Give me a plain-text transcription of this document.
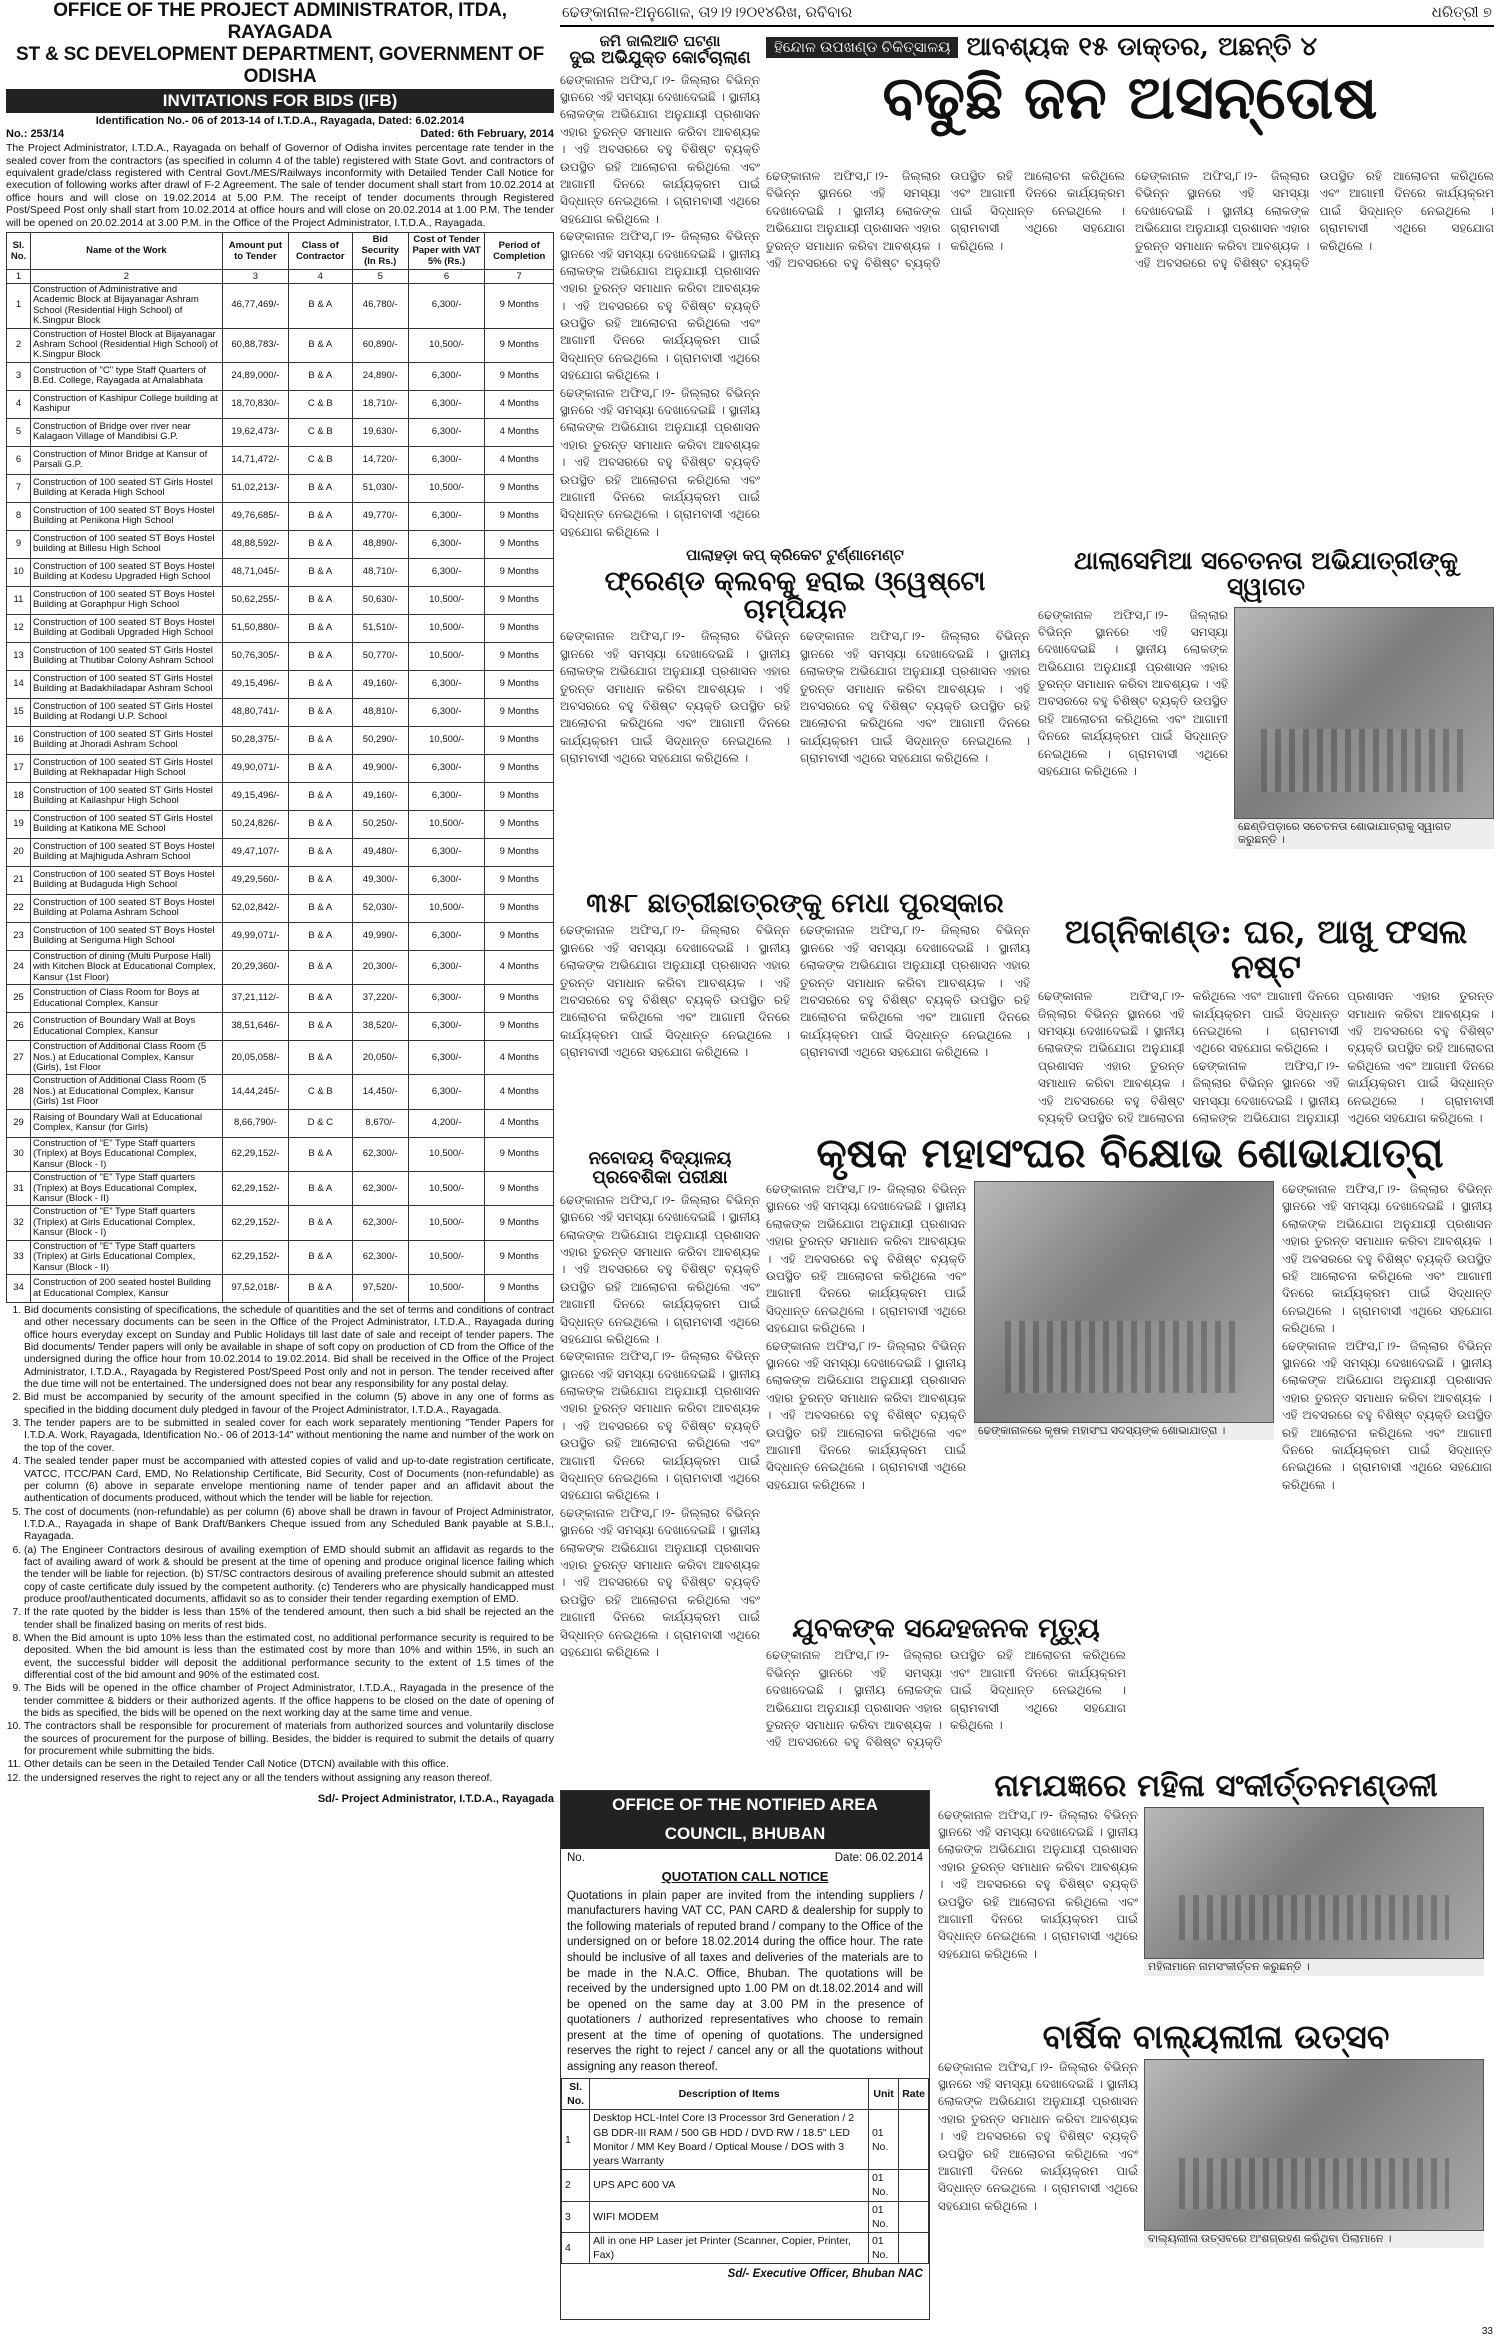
OFFICE OF THE PROJECT ADMINISTRATOR, ITDA, RAYAGADA
ST & SC DEVELOPMENT DEPARTMENT, GOVERNMENT OF ODISHA
INVITATIONS FOR BIDS (IFB)
Identification No.- 06 of 2013-14 of I.T.D.A., Rayagada, Dated: 6.02.2014
No.: 253/14	Dated: 6th February, 2014
The Project Administrator, I.T.D.A., Rayagada on behalf of Governor of Odisha invites percentage rate tender in the sealed cover from the contractors (as specified in column 4 of the table) registered with State Govt. and contractors of equivalent grade/class registered with Central Govt./MES/Railways inconformity with Detailed Tender Call Notice for execution of following works after drawl of F-2 Agreement. The sale of tender document shall start from 10.02.2014 at office hours and will close on 19.02.2014 at 5.00 P.M. The receipt of tender documents through Registered Post/Speed Post only shall start from 10.02.2014 at office hours and will close on 20.02.2014 at 1.00 P.M. The tender will be opened on 20.02.2014 at 3.00 P.M. in the Office of the Project Administrator, I.T.D.A., Rayagada.
Sl. No.	Name of the Work	Amount put to Tender	Class of Contractor	Bid Security (In Rs.)	Cost of Tender Paper with VAT 5% (Rs.)	Period of Completion
1	2	3	4	5	6	7
1	Construction of Administrative and Academic Block at Bijayanagar Ashram School (Residential High School) of K.Singpur Block	46,77,469/-	B & A	46,780/-	6,300/-	9 Months
2	Construction of Hostel Block at Bijayanagar Ashram School (Residential High School) of K.Singpur Block	60,88,783/-	B & A	60,890/-	10,500/-	9 Months
3	Construction of "C" type Staff Quarters of B.Ed. College, Rayagada at Amalabhata	24,89,000/-	B & A	24,890/-	6,300/-	9 Months
4	Construction of Kashipur College building at Kashipur	18,70,830/-	C & B	18,710/-	6,300/-	4 Months
5	Construction of Bridge over river near Kalagaon Village of Mandibisi G.P.	19,62,473/-	C & B	19,630/-	6,300/-	4 Months
6	Construction of Minor Bridge at Kansur of Parsali G.P.	14,71,472/-	C & B	14,720/-	6,300/-	4 Months
7	Construction of 100 seated ST Girls Hostel Building at Kerada High School	51,02,213/-	B & A	51,030/-	10,500/-	9 Months
8	Construction of 100 seated ST Boys Hostel Building at Penikona High School	49,76,685/-	B & A	49,770/-	6,300/-	9 Months
9	Construction of 100 seated ST Boys Hostel building at Billesu High School	48,88,592/-	B & A	48,890/-	6,300/-	9 Months
10	Construction of 100 seated ST Boys Hostel Building at Kodesu Upgraded High School	48,71,045/-	B & A	48,710/-	6,300/-	9 Months
11	Construction of 100 seated ST Boys Hostel Building at Goraphpur High School	50,62,255/-	B & A	50,630/-	10,500/-	9 Months
12	Construction of 100 seated ST Boys Hostel Building at Godibali Upgraded High School	51,50,880/-	B & A	51,510/-	10,500/-	9 Months
13	Construction of 100 seated ST Girls Hostel Building at Thutibar Colony Ashram School	50,76,305/-	B & A	50,770/-	10,500/-	9 Months
14	Construction of 100 seated ST Girls Hostel Building at Badakhiladapar Ashram School	49,15,496/-	B & A	49,160/-	6,300/-	9 Months
15	Construction of 100 seated ST Girls Hostel Building at Rodangi U.P. School	48,80,741/-	B & A	48,810/-	6,300/-	9 Months
16	Construction of 100 seated ST Girls Hostel Building at Jhoradi Ashram School	50,28,375/-	B & A	50,290/-	10,500/-	9 Months
17	Construction of 100 seated ST Girls Hostel Building at Rekhapadar High School	49,90,071/-	B & A	49,900/-	6,300/-	9 Months
18	Construction of 100 seated ST Girls Hostel Building at Kailashpur High School	49,15,496/-	B & A	49,160/-	6,300/-	9 Months
19	Construction of 100 seated ST Girls Hostel Building at Katikona ME School	50,24,826/-	B & A	50,250/-	10,500/-	9 Months
20	Construction of 100 seated ST Boys Hostel Building at Majhiguda Ashram School	49,47,107/-	B & A	49,480/-	6,300/-	9 Months
21	Construction of 100 seated ST Boys Hostel Building at Budaguda High School	49,29,560/-	B & A	49,300/-	6,300/-	9 Months
22	Construction of 100 seated ST Boys Hostel Building at Polama Ashram School	52,02,842/-	B & A	52,030/-	10,500/-	9 Months
23	Construction of 100 seated ST Boys Hostel Building at Seriguma High School	49,99,071/-	B & A	49,990/-	6,300/-	9 Months
24	Construction of dining (Multi Purpose Hall) with Kitchen Block at Educational Complex, Kansur (1st Floor)	20,29,360/-	B & A	20,300/-	6,300/-	4 Months
25	Construction of Class Room for Boys at Educational Complex, Kansur	37,21,112/-	B & A	37,220/-	6,300/-	9 Months
26	Construction of Boundary Wall at Boys Educational Complex, Kansur	38,51,646/-	B & A	38,520/-	6,300/-	9 Months
27	Construction of Additional Class Room (5 Nos.) at Educational Complex, Kansur (Girls), 1st Floor	20,05,058/-	B & A	20,050/-	6,300/-	4 Months
28	Construction of Additional Class Room (5 Nos.) at Educational Complex, Kansur (Girls) 1st Floor	14,44,245/-	C & B	14,450/-	6,300/-	4 Months
29	Raising of Boundary Wall at Educational Complex, Kansur (for Girls)	8,66,790/-	D & C	8,670/-	4,200/-	4 Months
30	Construction of "E" Type Staff quarters (Triplex) at Boys Educational Complex, Kansur (Block - I)	62,29,152/-	B & A	62,300/-	10,500/-	9 Months
31	Construction of "E" Type Staff quarters (Triplex) at Boys Educational Complex, Kansur (Block - II)	62,29,152/-	B & A	62,300/-	10,500/-	9 Months
32	Construction of "E" Type Staff quarters (Triplex) at Girls Educational Complex, Kansur (Block - I)	62,29,152/-	B & A	62,300/-	10,500/-	9 Months
33	Construction of "E" Type Staff quarters (Triplex) at Girls Educational Complex, Kansur (Block - II)	62,29,152/-	B & A	62,300/-	10,500/-	9 Months
34	Construction of 200 seated hostel Building at Educational Complex, Kansur	97,52,018/-	B & A	97,520/-	10,500/-	9 Months
1. Bid documents consisting of specifications, the schedule of quantities and the set of terms and conditions of contract and other necessary documents can be seen in the Office of the Project Administrator, I.T.D.A., Rayagada during office hours everyday except on Sunday and Public Holidays till last date of sale and receipt of tender papers. The Bid documents/ Tender papers will only be available in shape of soft copy on production of CD from the Office of the undersigned during the office hour from 10.02.2014 to 19.02.2014. Bid shall be received in the Office of the Project Administrator, I.T.D.A., Rayagada by Registered Post/Speed Post only and not in person. The tender received after the due time will not be entertained. The undersigned does not bear any responsibility for any postal delay.
2. Bid must be accompanied by security of the amount specified in the column (5) above in any one of forms as specified in the bidding document duly pledged in favour of the Project Administrator, I.T.D.A., Rayagada.
3. The tender papers are to be submitted in sealed cover for each work separately mentioning "Tender Papers for I.T.D.A. Work, Rayagada, Identification No.- 06 of 2013-14" without mentioning the name and number of the work on the top of the cover.
4. The sealed tender paper must be accompanied with attested copies of valid and up-to-date registration certificate, VATCC, ITCC/PAN Card, EMD, No Relationship Certificate, Bid Security, Cost of Documents (non-refundable) as per column (6) above in separate envelope mentioning name of tender paper and an affidavit about the authentication of documents produced, without which the tender will be liable for rejection.
5. The cost of documents (non-refundable) as per column (6) above shall be drawn in favour of Project Administrator, I.T.D.A., Rayagada in shape of Bank Draft/Bankers Cheque issued from any Scheduled Bank payable at S.B.I., Rayagada.
6. (a) The Engineer Contractors desirous of availing exemption of EMD should submit an affidavit as regards to the fact of availing award of work & should be present at the time of opening and produce original licence failing which the tender will be liable for rejection. (b) ST/SC contractors desirous of availing preference should submit an attested copy of caste certificate duly issued by the competent authority. (c) Tenderers who are physically handicapped must produce proof/authenticated documents, affidavit so as to consider their tender regarding exemption of EMD.
7. If the rate quoted by the bidder is less than 15% of the tendered amount, then such a bid shall be rejected an the tender shall be finalized basing on merits of rest bids.
8. When the Bid amount is upto 10% less than the estimated cost, no additional performance security is required to be deposited. When the bid amount is less than the estimated cost by more than 10% and within 15%, in such an event, the successful bidder will deposit the additional performance security to the extent of 1.5 times of the differential cost of the bid amount and 90% of the estimated cost.
9. The Bids will be opened in the office chamber of Project Administrator, I.T.D.A., Rayagada in the presence of the tender committee & bidders or their authorized agents. If the office happens to be closed on the date of opening of the bids as specified, the bids will be opened on the next working day at the same time and venue.
10. The contractors shall be responsible for procurement of materials from authorized sources and voluntarily disclose the sources of procurement for the purpose of billing. Besides, the bidder is required to submit the details of quarry for procurement while submitting the bids.
11. Other details can be seen in the Detailed Tender Call Notice (DTCN) available with this office.
12. the undersigned reserves the right to reject any or all the tenders without assigning any reason thereof.
Sd/- Project Administrator, I.T.D.A., Rayagada
ଢେଙ୍କାନାଳ-ଅନୁଗୋଳ, ତା୨।୨।୨୦୧୪ରିଖ, ରବିବାର	ଧରିତ୍ରୀ ୭
ଜମି ଜାଲିଆତି ଘଟଣା
ଦୁଇ ଅଭିଯୁକ୍ତ କୋର୍ଟଚାଲାଣ
ଢେଙ୍କାନାଳ ଅଫିସ,୮।୨- ଜିଲ୍ଲାର ବିଭିନ୍ନ ସ୍ଥାନରେ ଏହି ସମସ୍ୟା ଦେଖାଦେଇଛି । ସ୍ଥାନୀୟ ଲୋକଙ୍କ ଅଭିଯୋଗ ଅନୁଯାୟୀ ପ୍ରଶାସନ ଏହାର ତୁରନ୍ତ ସମାଧାନ କରିବା ଆବଶ୍ୟକ । ଏହି ଅବସରରେ ବହୁ ବିଶିଷ୍ଟ ବ୍ୟକ୍ତି ଉପସ୍ଥିତ ରହି ଆଲୋଚନା କରିଥିଲେ ଏବଂ ଆଗାମୀ ଦିନରେ କାର୍ଯ୍ୟକ୍ରମ ପାଇଁ ସିଦ୍ଧାନ୍ତ ନେଇଥିଲେ । ଗ୍ରାମବାସୀ ଏଥିରେ ସହଯୋଗ କରିଥିଲେ ।
ଢେଙ୍କାନାଳ ଅଫିସ,୮।୨- ଜିଲ୍ଲାର ବିଭିନ୍ନ ସ୍ଥାନରେ ଏହି ସମସ୍ୟା ଦେଖାଦେଇଛି । ସ୍ଥାନୀୟ ଲୋକଙ୍କ ଅଭିଯୋଗ ଅନୁଯାୟୀ ପ୍ରଶାସନ ଏହାର ତୁରନ୍ତ ସମାଧାନ କରିବା ଆବଶ୍ୟକ । ଏହି ଅବସରରେ ବହୁ ବିଶିଷ୍ଟ ବ୍ୟକ୍ତି ଉପସ୍ଥିତ ରହି ଆଲୋଚନା କରିଥିଲେ ଏବଂ ଆଗାମୀ ଦିନରେ କାର୍ଯ୍ୟକ୍ରମ ପାଇଁ ସିଦ୍ଧାନ୍ତ ନେଇଥିଲେ । ଗ୍ରାମବାସୀ ଏଥିରେ ସହଯୋଗ କରିଥିଲେ ।
ଢେଙ୍କାନାଳ ଅଫିସ,୮।୨- ଜିଲ୍ଲାର ବିଭିନ୍ନ ସ୍ଥାନରେ ଏହି ସମସ୍ୟା ଦେଖାଦେଇଛି । ସ୍ଥାନୀୟ ଲୋକଙ୍କ ଅଭିଯୋଗ ଅନୁଯାୟୀ ପ୍ରଶାସନ ଏହାର ତୁରନ୍ତ ସମାଧାନ କରିବା ଆବଶ୍ୟକ । ଏହି ଅବସରରେ ବହୁ ବିଶିଷ୍ଟ ବ୍ୟକ୍ତି ଉପସ୍ଥିତ ରହି ଆଲୋଚନା କରିଥିଲେ ଏବଂ ଆଗାମୀ ଦିନରେ କାର୍ଯ୍ୟକ୍ରମ ପାଇଁ ସିଦ୍ଧାନ୍ତ ନେଇଥିଲେ । ଗ୍ରାମବାସୀ ଏଥିରେ ସହଯୋଗ କରିଥିଲେ ।
ହିନ୍ଦୋଳ ଉପଖଣ୍ଡ ଚିକିତ୍ସାଳୟ ଆବଶ୍ୟକ ୧୫ ଡାକ୍ତର, ଅଛନ୍ତି ୪
ବଢୁଛି ଜନ ଅସନ୍ତୋଷ
ଢେଙ୍କାନାଳ ଅଫିସ,୮।୨- ଜିଲ୍ଲାର ବିଭିନ୍ନ ସ୍ଥାନରେ ଏହି ସମସ୍ୟା ଦେଖାଦେଇଛି । ସ୍ଥାନୀୟ ଲୋକଙ୍କ ଅଭିଯୋଗ ଅନୁଯାୟୀ ପ୍ରଶାସନ ଏହାର ତୁରନ୍ତ ସମାଧାନ କରିବା ଆବଶ୍ୟକ । ଏହି ଅବସରରେ ବହୁ ବିଶିଷ୍ଟ ବ୍ୟକ୍ତି ଉପସ୍ଥିତ ରହି ଆଲୋଚନା କରିଥିଲେ ଏବଂ ଆଗାମୀ ଦିନରେ କାର୍ଯ୍ୟକ୍ରମ ପାଇଁ ସିଦ୍ଧାନ୍ତ ନେଇଥିଲେ । ଗ୍ରାମବାସୀ ଏଥିରେ ସହଯୋଗ କରିଥିଲେ ।
ଢେଙ୍କାନାଳ ଅଫିସ,୮।୨- ଜିଲ୍ଲାର ବିଭିନ୍ନ ସ୍ଥାନରେ ଏହି ସମସ୍ୟା ଦେଖାଦେଇଛି । ସ୍ଥାନୀୟ ଲୋକଙ୍କ ଅଭିଯୋଗ ଅନୁଯାୟୀ ପ୍ରଶାସନ ଏହାର ତୁରନ୍ତ ସମାଧାନ କରିବା ଆବଶ୍ୟକ । ଏହି ଅବସରରେ ବହୁ ବିଶିଷ୍ଟ ବ୍ୟକ୍ତି ଉପସ୍ଥିତ ରହି ଆଲୋଚନା କରିଥିଲେ ଏବଂ ଆଗାମୀ ଦିନରେ କାର୍ଯ୍ୟକ୍ରମ ପାଇଁ ସିଦ୍ଧାନ୍ତ ନେଇଥିଲେ । ଗ୍ରାମବାସୀ ଏଥିରେ ସହଯୋଗ କରିଥିଲେ ।
ପାଲାହଡ଼ା କପ୍ କ୍ରିକେଟ ଟୁର୍ଣ୍ଣାମେଣ୍ଟ
ଫ୍ରେଣ୍ଡ କ୍ଲବକୁ ହରାଇ ଓ୍ୱେଷ୍ଟୋ ଚାମ୍ପିୟନ
ଢେଙ୍କାନାଳ ଅଫିସ,୮।୨- ଜିଲ୍ଲାର ବିଭିନ୍ନ ସ୍ଥାନରେ ଏହି ସମସ୍ୟା ଦେଖାଦେଇଛି । ସ୍ଥାନୀୟ ଲୋକଙ୍କ ଅଭିଯୋଗ ଅନୁଯାୟୀ ପ୍ରଶାସନ ଏହାର ତୁରନ୍ତ ସମାଧାନ କରିବା ଆବଶ୍ୟକ । ଏହି ଅବସରରେ ବହୁ ବିଶିଷ୍ଟ ବ୍ୟକ୍ତି ଉପସ୍ଥିତ ରହି ଆଲୋଚନା କରିଥିଲେ ଏବଂ ଆଗାମୀ ଦିନରେ କାର୍ଯ୍ୟକ୍ରମ ପାଇଁ ସିଦ୍ଧାନ୍ତ ନେଇଥିଲେ । ଗ୍ରାମବାସୀ ଏଥିରେ ସହଯୋଗ କରିଥିଲେ ।
ଢେଙ୍କାନାଳ ଅଫିସ,୮।୨- ଜିଲ୍ଲାର ବିଭିନ୍ନ ସ୍ଥାନରେ ଏହି ସମସ୍ୟା ଦେଖାଦେଇଛି । ସ୍ଥାନୀୟ ଲୋକଙ୍କ ଅଭିଯୋଗ ଅନୁଯାୟୀ ପ୍ରଶାସନ ଏହାର ତୁରନ୍ତ ସମାଧାନ କରିବା ଆବଶ୍ୟକ । ଏହି ଅବସରରେ ବହୁ ବିଶିଷ୍ଟ ବ୍ୟକ୍ତି ଉପସ୍ଥିତ ରହି ଆଲୋଚନା କରିଥିଲେ ଏବଂ ଆଗାମୀ ଦିନରେ କାର୍ଯ୍ୟକ୍ରମ ପାଇଁ ସିଦ୍ଧାନ୍ତ ନେଇଥିଲେ । ଗ୍ରାମବାସୀ ଏଥିରେ ସହଯୋଗ କରିଥିଲେ ।
ଥାଲାସେମିଆ ସଚେତନତା ଅଭିଯାତ୍ରୀଙ୍କୁ ସ୍ୱାଗତ
ଢେଙ୍କାନାଳ ଅଫିସ,୮।୨- ଜିଲ୍ଲାର ବିଭିନ୍ନ ସ୍ଥାନରେ ଏହି ସମସ୍ୟା ଦେଖାଦେଇଛି । ସ୍ଥାନୀୟ ଲୋକଙ୍କ ଅଭିଯୋଗ ଅନୁଯାୟୀ ପ୍ରଶାସନ ଏହାର ତୁରନ୍ତ ସମାଧାନ କରିବା ଆବଶ୍ୟକ । ଏହି ଅବସରରେ ବହୁ ବିଶିଷ୍ଟ ବ୍ୟକ୍ତି ଉପସ୍ଥିତ ରହି ଆଲୋଚନା କରିଥିଲେ ଏବଂ ଆଗାମୀ ଦିନରେ କାର୍ଯ୍ୟକ୍ରମ ପାଇଁ ସିଦ୍ଧାନ୍ତ ନେଇଥିଲେ । ଗ୍ରାମବାସୀ ଏଥିରେ ସହଯୋଗ କରିଥିଲେ ।
ଛେଣ୍ଡିପଡ଼ାରେ ସଚେତନତା ଶୋଭାଯାତ୍ରାକୁ ସ୍ୱାଗତ କରୁଛନ୍ତି ।
୩୫୮ ଛାତ୍ରୀଛାତ୍ରଙ୍କୁ ମେଧା ପୁରସ୍କାର
ଢେଙ୍କାନାଳ ଅଫିସ,୮।୨- ଜିଲ୍ଲାର ବିଭିନ୍ନ ସ୍ଥାନରେ ଏହି ସମସ୍ୟା ଦେଖାଦେଇଛି । ସ୍ଥାନୀୟ ଲୋକଙ୍କ ଅଭିଯୋଗ ଅନୁଯାୟୀ ପ୍ରଶାସନ ଏହାର ତୁରନ୍ତ ସମାଧାନ କରିବା ଆବଶ୍ୟକ । ଏହି ଅବସରରେ ବହୁ ବିଶିଷ୍ଟ ବ୍ୟକ୍ତି ଉପସ୍ଥିତ ରହି ଆଲୋଚନା କରିଥିଲେ ଏବଂ ଆଗାମୀ ଦିନରେ କାର୍ଯ୍ୟକ୍ରମ ପାଇଁ ସିଦ୍ଧାନ୍ତ ନେଇଥିଲେ । ଗ୍ରାମବାସୀ ଏଥିରେ ସହଯୋଗ କରିଥିଲେ ।
ଢେଙ୍କାନାଳ ଅଫିସ,୮।୨- ଜିଲ୍ଲାର ବିଭିନ୍ନ ସ୍ଥାନରେ ଏହି ସମସ୍ୟା ଦେଖାଦେଇଛି । ସ୍ଥାନୀୟ ଲୋକଙ୍କ ଅଭିଯୋଗ ଅନୁଯାୟୀ ପ୍ରଶାସନ ଏହାର ତୁରନ୍ତ ସମାଧାନ କରିବା ଆବଶ୍ୟକ । ଏହି ଅବସରରେ ବହୁ ବିଶିଷ୍ଟ ବ୍ୟକ୍ତି ଉପସ୍ଥିତ ରହି ଆଲୋଚନା କରିଥିଲେ ଏବଂ ଆଗାମୀ ଦିନରେ କାର୍ଯ୍ୟକ୍ରମ ପାଇଁ ସିଦ୍ଧାନ୍ତ ନେଇଥିଲେ । ଗ୍ରାମବାସୀ ଏଥିରେ ସହଯୋଗ କରିଥିଲେ ।
ଅଗ୍ନିକାଣ୍ଡ: ଘର, ଆଖୁ ଫସଲ ନଷ୍ଟ
ଢେଙ୍କାନାଳ ଅଫିସ,୮।୨- ଜିଲ୍ଲାର ବିଭିନ୍ନ ସ୍ଥାନରେ ଏହି ସମସ୍ୟା ଦେଖାଦେଇଛି । ସ୍ଥାନୀୟ ଲୋକଙ୍କ ଅଭିଯୋଗ ଅନୁଯାୟୀ ପ୍ରଶାସନ ଏହାର ତୁରନ୍ତ ସମାଧାନ କରିବା ଆବଶ୍ୟକ । ଏହି ଅବସରରେ ବହୁ ବିଶିଷ୍ଟ ବ୍ୟକ୍ତି ଉପସ୍ଥିତ ରହି ଆଲୋଚନା କରିଥିଲେ ଏବଂ ଆଗାମୀ ଦିନରେ କାର୍ଯ୍ୟକ୍ରମ ପାଇଁ ସିଦ୍ଧାନ୍ତ ନେଇଥିଲେ । ଗ୍ରାମବାସୀ ଏଥିରେ ସହଯୋଗ କରିଥିଲେ ।
ଢେଙ୍କାନାଳ ଅଫିସ,୮।୨- ଜିଲ୍ଲାର ବିଭିନ୍ନ ସ୍ଥାନରେ ଏହି ସମସ୍ୟା ଦେଖାଦେଇଛି । ସ୍ଥାନୀୟ ଲୋକଙ୍କ ଅଭିଯୋଗ ଅନୁଯାୟୀ ପ୍ରଶାସନ ଏହାର ତୁରନ୍ତ ସମାଧାନ କରିବା ଆବଶ୍ୟକ । ଏହି ଅବସରରେ ବହୁ ବିଶିଷ୍ଟ ବ୍ୟକ୍ତି ଉପସ୍ଥିତ ରହି ଆଲୋଚନା କରିଥିଲେ ଏବଂ ଆଗାମୀ ଦିନରେ କାର୍ଯ୍ୟକ୍ରମ ପାଇଁ ସିଦ୍ଧାନ୍ତ ନେଇଥିଲେ । ଗ୍ରାମବାସୀ ଏଥିରେ ସହଯୋଗ କରିଥିଲେ ।
ନବୋଦୟ ବିଦ୍ୟାଳୟ
ପ୍ରବେଶିକା ପରୀକ୍ଷା
ଢେଙ୍କାନାଳ ଅଫିସ,୮।୨- ଜିଲ୍ଲାର ବିଭିନ୍ନ ସ୍ଥାନରେ ଏହି ସମସ୍ୟା ଦେଖାଦେଇଛି । ସ୍ଥାନୀୟ ଲୋକଙ୍କ ଅଭିଯୋଗ ଅନୁଯାୟୀ ପ୍ରଶାସନ ଏହାର ତୁରନ୍ତ ସମାଧାନ କରିବା ଆବଶ୍ୟକ । ଏହି ଅବସରରେ ବହୁ ବିଶିଷ୍ଟ ବ୍ୟକ୍ତି ଉପସ୍ଥିତ ରହି ଆଲୋଚନା କରିଥିଲେ ଏବଂ ଆଗାମୀ ଦିନରେ କାର୍ଯ୍ୟକ୍ରମ ପାଇଁ ସିଦ୍ଧାନ୍ତ ନେଇଥିଲେ । ଗ୍ରାମବାସୀ ଏଥିରେ ସହଯୋଗ କରିଥିଲେ ।
ଢେଙ୍କାନାଳ ଅଫିସ,୮।୨- ଜିଲ୍ଲାର ବିଭିନ୍ନ ସ୍ଥାନରେ ଏହି ସମସ୍ୟା ଦେଖାଦେଇଛି । ସ୍ଥାନୀୟ ଲୋକଙ୍କ ଅଭିଯୋଗ ଅନୁଯାୟୀ ପ୍ରଶାସନ ଏହାର ତୁରନ୍ତ ସମାଧାନ କରିବା ଆବଶ୍ୟକ । ଏହି ଅବସରରେ ବହୁ ବିଶିଷ୍ଟ ବ୍ୟକ୍ତି ଉପସ୍ଥିତ ରହି ଆଲୋଚନା କରିଥିଲେ ଏବଂ ଆଗାମୀ ଦିନରେ କାର୍ଯ୍ୟକ୍ରମ ପାଇଁ ସିଦ୍ଧାନ୍ତ ନେଇଥିଲେ । ଗ୍ରାମବାସୀ ଏଥିରେ ସହଯୋଗ କରିଥିଲେ ।
ଢେଙ୍କାନାଳ ଅଫିସ,୮।୨- ଜିଲ୍ଲାର ବିଭିନ୍ନ ସ୍ଥାନରେ ଏହି ସମସ୍ୟା ଦେଖାଦେଇଛି । ସ୍ଥାନୀୟ ଲୋକଙ୍କ ଅଭିଯୋଗ ଅନୁଯାୟୀ ପ୍ରଶାସନ ଏହାର ତୁରନ୍ତ ସମାଧାନ କରିବା ଆବଶ୍ୟକ । ଏହି ଅବସରରେ ବହୁ ବିଶିଷ୍ଟ ବ୍ୟକ୍ତି ଉପସ୍ଥିତ ରହି ଆଲୋଚନା କରିଥିଲେ ଏବଂ ଆଗାମୀ ଦିନରେ କାର୍ଯ୍ୟକ୍ରମ ପାଇଁ ସିଦ୍ଧାନ୍ତ ନେଇଥିଲେ । ଗ୍ରାମବାସୀ ଏଥିରେ ସହଯୋଗ କରିଥିଲେ ।
କୃଷକ ମହାସଂଘର ବିକ୍ଷୋଭ ଶୋଭାଯାତ୍ରା
ଢେଙ୍କାନାଳ ଅଫିସ,୮।୨- ଜିଲ୍ଲାର ବିଭିନ୍ନ ସ୍ଥାନରେ ଏହି ସମସ୍ୟା ଦେଖାଦେଇଛି । ସ୍ଥାନୀୟ ଲୋକଙ୍କ ଅଭିଯୋଗ ଅନୁଯାୟୀ ପ୍ରଶାସନ ଏହାର ତୁରନ୍ତ ସମାଧାନ କରିବା ଆବଶ୍ୟକ । ଏହି ଅବସରରେ ବହୁ ବିଶିଷ୍ଟ ବ୍ୟକ୍ତି ଉପସ୍ଥିତ ରହି ଆଲୋଚନା କରିଥିଲେ ଏବଂ ଆଗାମୀ ଦିନରେ କାର୍ଯ୍ୟକ୍ରମ ପାଇଁ ସିଦ୍ଧାନ୍ତ ନେଇଥିଲେ । ଗ୍ରାମବାସୀ ଏଥିରେ ସହଯୋଗ କରିଥିଲେ ।
ଢେଙ୍କାନାଳ ଅଫିସ,୮।୨- ଜିଲ୍ଲାର ବିଭିନ୍ନ ସ୍ଥାନରେ ଏହି ସମସ୍ୟା ଦେଖାଦେଇଛି । ସ୍ଥାନୀୟ ଲୋକଙ୍କ ଅଭିଯୋଗ ଅନୁଯାୟୀ ପ୍ରଶାସନ ଏହାର ତୁରନ୍ତ ସମାଧାନ କରିବା ଆବଶ୍ୟକ । ଏହି ଅବସରରେ ବହୁ ବିଶିଷ୍ଟ ବ୍ୟକ୍ତି ଉପସ୍ଥିତ ରହି ଆଲୋଚନା କରିଥିଲେ ଏବଂ ଆଗାମୀ ଦିନରେ କାର୍ଯ୍ୟକ୍ରମ ପାଇଁ ସିଦ୍ଧାନ୍ତ ନେଇଥିଲେ । ଗ୍ରାମବାସୀ ଏଥିରେ ସହଯୋଗ କରିଥିଲେ ।
ଢେଙ୍କାନାଳରେ କୃଷକ ମହାସଂଘ ସଦସ୍ୟଙ୍କ ଶୋଭାଯାତ୍ରା ।
ଢେଙ୍କାନାଳ ଅଫିସ,୮।୨- ଜିଲ୍ଲାର ବିଭିନ୍ନ ସ୍ଥାନରେ ଏହି ସମସ୍ୟା ଦେଖାଦେଇଛି । ସ୍ଥାନୀୟ ଲୋକଙ୍କ ଅଭିଯୋଗ ଅନୁଯାୟୀ ପ୍ରଶାସନ ଏହାର ତୁରନ୍ତ ସମାଧାନ କରିବା ଆବଶ୍ୟକ । ଏହି ଅବସରରେ ବହୁ ବିଶିଷ୍ଟ ବ୍ୟକ୍ତି ଉପସ୍ଥିତ ରହି ଆଲୋଚନା କରିଥିଲେ ଏବଂ ଆଗାମୀ ଦିନରେ କାର୍ଯ୍ୟକ୍ରମ ପାଇଁ ସିଦ୍ଧାନ୍ତ ନେଇଥିଲେ । ଗ୍ରାମବାସୀ ଏଥିରେ ସହଯୋଗ କରିଥିଲେ ।
ଢେଙ୍କାନାଳ ଅଫିସ,୮।୨- ଜିଲ୍ଲାର ବିଭିନ୍ନ ସ୍ଥାନରେ ଏହି ସମସ୍ୟା ଦେଖାଦେଇଛି । ସ୍ଥାନୀୟ ଲୋକଙ୍କ ଅଭିଯୋଗ ଅନୁଯାୟୀ ପ୍ରଶାସନ ଏହାର ତୁରନ୍ତ ସମାଧାନ କରିବା ଆବଶ୍ୟକ । ଏହି ଅବସରରେ ବହୁ ବିଶିଷ୍ଟ ବ୍ୟକ୍ତି ଉପସ୍ଥିତ ରହି ଆଲୋଚନା କରିଥିଲେ ଏବଂ ଆଗାମୀ ଦିନରେ କାର୍ଯ୍ୟକ୍ରମ ପାଇଁ ସିଦ୍ଧାନ୍ତ ନେଇଥିଲେ । ଗ୍ରାମବାସୀ ଏଥିରେ ସହଯୋଗ କରିଥିଲେ ।
ଯୁବକଙ୍କ ସନ୍ଦେହଜନକ ମୃତ୍ୟୁ
ଢେଙ୍କାନାଳ ଅଫିସ,୮।୨- ଜିଲ୍ଲାର ବିଭିନ୍ନ ସ୍ଥାନରେ ଏହି ସମସ୍ୟା ଦେଖାଦେଇଛି । ସ୍ଥାନୀୟ ଲୋକଙ୍କ ଅଭିଯୋଗ ଅନୁଯାୟୀ ପ୍ରଶାସନ ଏହାର ତୁରନ୍ତ ସମାଧାନ କରିବା ଆବଶ୍ୟକ । ଏହି ଅବସରରେ ବହୁ ବିଶିଷ୍ଟ ବ୍ୟକ୍ତି ଉପସ୍ଥିତ ରହି ଆଲୋଚନା କରିଥିଲେ ଏବଂ ଆଗାମୀ ଦିନରେ କାର୍ଯ୍ୟକ୍ରମ ପାଇଁ ସିଦ୍ଧାନ୍ତ ନେଇଥିଲେ । ଗ୍ରାମବାସୀ ଏଥିରେ ସହଯୋଗ କରିଥିଲେ ।
OFFICE OF THE NOTIFIED AREA
COUNCIL, BHUBAN
No.	Date: 06.02.2014
QUOTATION CALL NOTICE
Quotations in plain paper are invited from the intending suppliers / manufacturers having VAT CC, PAN CARD & dealership for supply to the following materials of reputed brand / company to the Office of the undersigned on or before 18.02.2014 during the office hour. The rate should be inclusive of all taxes and deliveries of the materials are to be made in the N.A.C. Office, Bhuban. The quotations will be received by the undersigned upto 1.00 PM on dt.18.02.2014 and will be opened on the same day at 3.00 PM in the presence of quotationers / authorized representatives who choose to remain present at the time of opening of quotations. The undersigned reserves the right to reject / cancel any or all the quotations without assigning any reason thereof.
Sl. No.	Description of Items	Unit	Rate
1	Desktop HCL-Intel Core I3 Processor 3rd Generation / 2 GB DDR-III RAM / 500 GB HDD / DVD RW / 18.5" LED Monitor / MM Key Board / Optical Mouse / DOS with 3 years Warranty	01 No.	
2	UPS APC 600 VA	01 No.	
3	WIFI MODEM	01 No.	
4	All in one HP Laser jet Printer (Scanner, Copier, Printer, Fax)	01 No.	
Sd/- Executive Officer, Bhuban NAC
ନାମଯଜ୍ଞରେ ମହିଳା ସଂକୀର୍ତ୍ତନମଣ୍ଡଳୀ
ଢେଙ୍କାନାଳ ଅଫିସ,୮।୨- ଜିଲ୍ଲାର ବିଭିନ୍ନ ସ୍ଥାନରେ ଏହି ସମସ୍ୟା ଦେଖାଦେଇଛି । ସ୍ଥାନୀୟ ଲୋକଙ୍କ ଅଭିଯୋଗ ଅନୁଯାୟୀ ପ୍ରଶାସନ ଏହାର ତୁରନ୍ତ ସମାଧାନ କରିବା ଆବଶ୍ୟକ । ଏହି ଅବସରରେ ବହୁ ବିଶିଷ୍ଟ ବ୍ୟକ୍ତି ଉପସ୍ଥିତ ରହି ଆଲୋଚନା କରିଥିଲେ ଏବଂ ଆଗାମୀ ଦିନରେ କାର୍ଯ୍ୟକ୍ରମ ପାଇଁ ସିଦ୍ଧାନ୍ତ ନେଇଥିଲେ । ଗ୍ରାମବାସୀ ଏଥିରେ ସହଯୋଗ କରିଥିଲେ ।
ମହିଳାମାନେ ନାମସଂକୀର୍ତ୍ତନ କରୁଛନ୍ତି ।
ବାର୍ଷିକ ବାଲ୍ୟଲୀଳା ଉତ୍ସବ
ଢେଙ୍କାନାଳ ଅଫିସ,୮।୨- ଜିଲ୍ଲାର ବିଭିନ୍ନ ସ୍ଥାନରେ ଏହି ସମସ୍ୟା ଦେଖାଦେଇଛି । ସ୍ଥାନୀୟ ଲୋକଙ୍କ ଅଭିଯୋଗ ଅନୁଯାୟୀ ପ୍ରଶାସନ ଏହାର ତୁରନ୍ତ ସମାଧାନ କରିବା ଆବଶ୍ୟକ । ଏହି ଅବସରରେ ବହୁ ବିଶିଷ୍ଟ ବ୍ୟକ୍ତି ଉପସ୍ଥିତ ରହି ଆଲୋଚନା କରିଥିଲେ ଏବଂ ଆଗାମୀ ଦିନରେ କାର୍ଯ୍ୟକ୍ରମ ପାଇଁ ସିଦ୍ଧାନ୍ତ ନେଇଥିଲେ । ଗ୍ରାମବାସୀ ଏଥିରେ ସହଯୋଗ କରିଥିଲେ ।
ବାଲ୍ୟଲୀଳା ଉତ୍ସବରେ ଅଂଶଗ୍ରହଣ କରିଥିବା ପିଲାମାନେ ।
33
